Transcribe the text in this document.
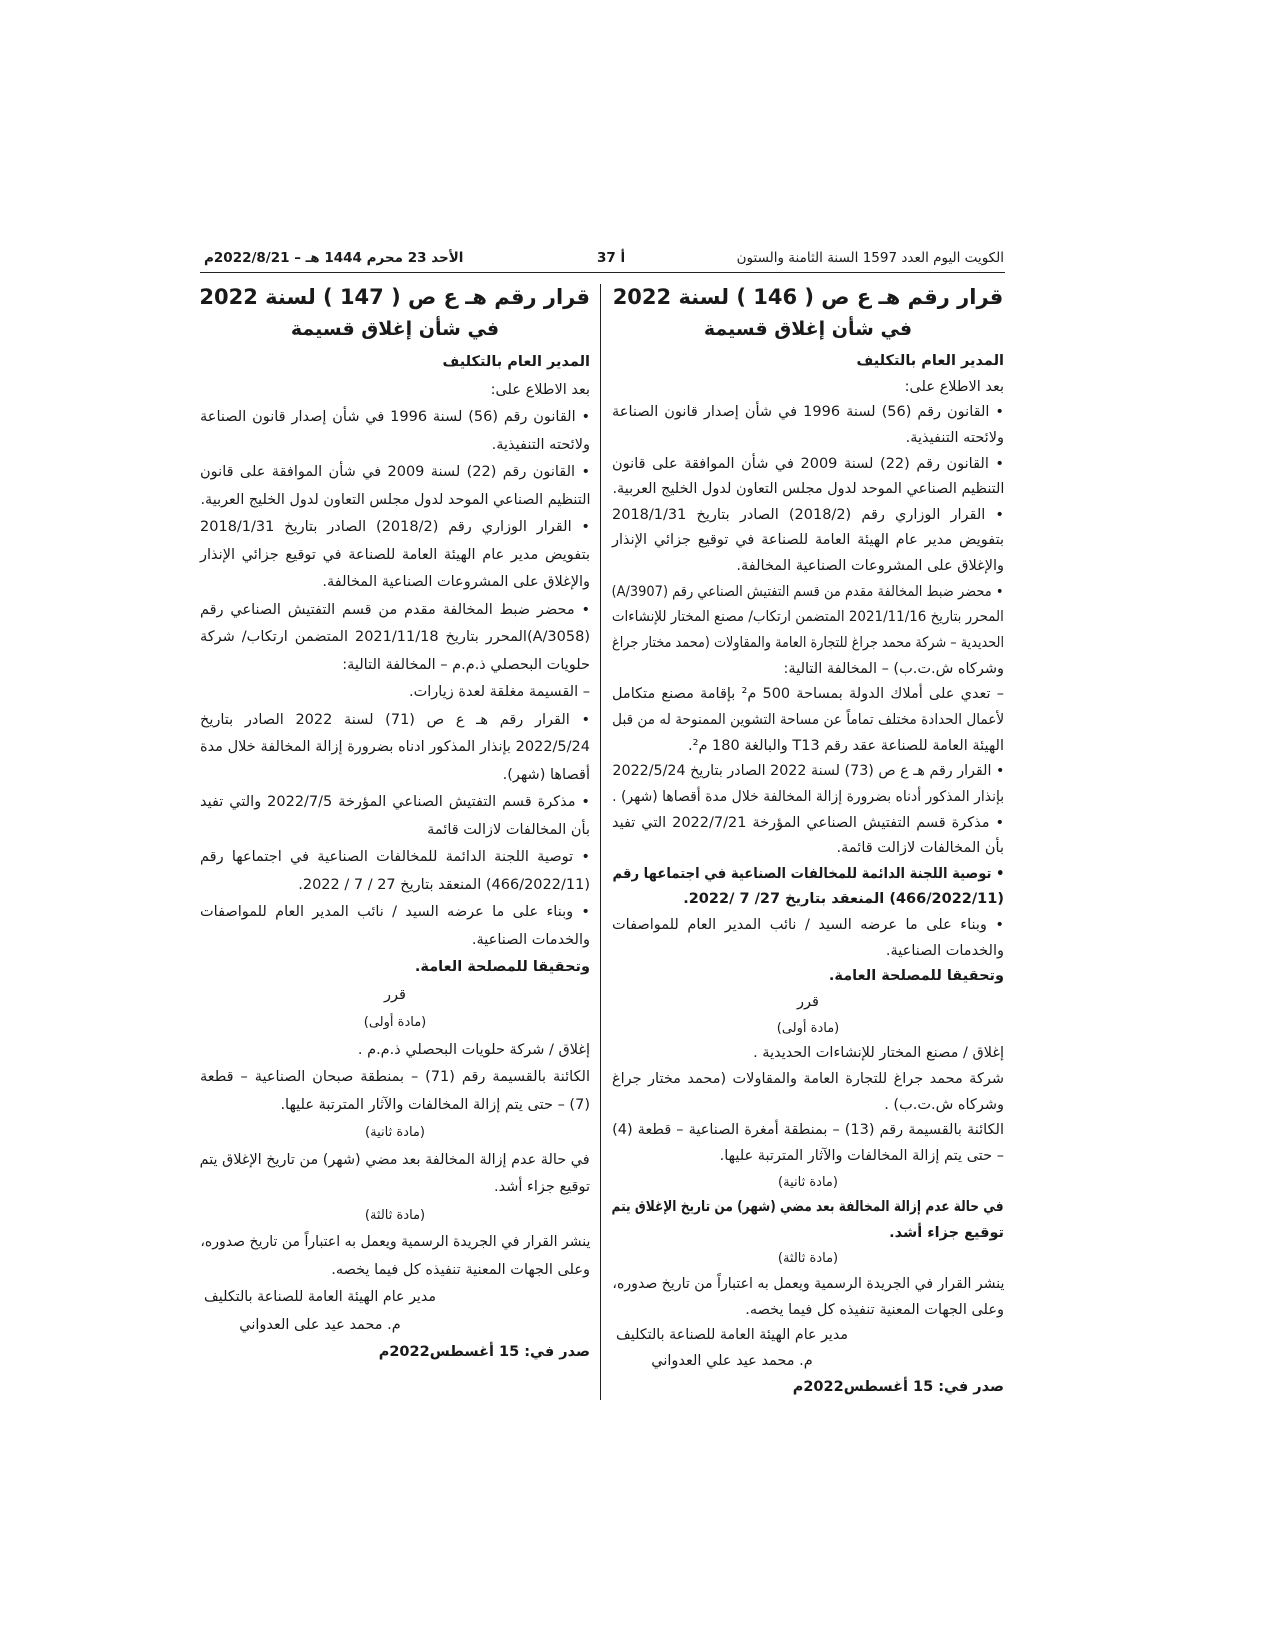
الكويت اليوم العدد 1597 السنة الثامنة والستون
أ 37
الأحد 23 محرم 1444 هـ – 2022/8/21م
قرار رقم هـ ع ص ( 146 ) لسنة 2022
في شأن إغلاق قسيمة
المدير العام بالتكليف
بعد الاطلاع على:
• القانون رقم (56) لسنة 1996 في شأن إصدار قانون الصناعة
ولائحته التنفيذية.
• القانون رقم (22) لسنة 2009 في شأن الموافقة على قانون
التنظيم الصناعي الموحد لدول مجلس التعاون لدول الخليج العربية.
• القرار الوزاري رقم (2018/2) الصادر بتاريخ 2018/1/31
بتفويض مدير عام الهيئة العامة للصناعة في توقيع جزائي الإنذار
والإغلاق على المشروعات الصناعية المخالفة.
• محضر ضبط المخالفة مقدم من قسم التفتيش الصناعي رقم (A/3907)
المحرر بتاريخ 2021/11/16 المتضمن ارتكاب/ مصنع المختار للإنشاءات
الحديدية – شركة محمد جراغ للتجارة العامة والمقاولات (محمد مختار جراغ
وشركاه ش.ت.ب) – المخالفة التالية:
– تعدي على أملاك الدولة بمساحة 500 م² بإقامة مصنع متكامل
لأعمال الحدادة مختلف تماماً عن مساحة التشوين الممنوحة له من قبل
الهيئة العامة للصناعة عقد رقم T13 والبالغة 180 م².
• القرار رقم هـ ع ص (73) لسنة 2022 الصادر بتاريخ 2022/5/24
بإنذار المذكور أدناه بضرورة إزالة المخالفة خلال مدة أقصاها (شهر) .
• مذكرة قسم التفتيش الصناعي المؤرخة 2022/7/21 التي تفيد
بأن المخالفات لازالت قائمة.
• توصية اللجنة الدائمة للمخالفات الصناعية في اجتماعها رقم
(466/2022/11) المنعقد بتاريخ 27/ 7 /2022.
• وبناء على ما عرضه السيد / نائب المدير العام للمواصفات
والخدمات الصناعية.
وتحقيقا للمصلحة العامة.
قرر
(مادة أولى)
إغلاق / مصنع المختار للإنشاءات الحديدية .
شركة محمد جراغ للتجارة العامة والمقاولات (محمد مختار جراغ
وشركاه ش.ت.ب) .
الكائنة بالقسيمة رقم (13) – بمنطقة أمغرة الصناعية – قطعة (4)
– حتى يتم إزالة المخالفات والآثار المترتبة عليها.
(مادة ثانية)
في حالة عدم إزالة المخالفة بعد مضي (شهر) من تاريخ الإغلاق يتم
توقيع جزاء أشد.
(مادة ثالثة)
ينشر القرار في الجريدة الرسمية ويعمل به اعتباراً من تاريخ صدوره،
وعلى الجهات المعنية تنفيذه كل فيما يخصه.
مدير عام الهيئة العامة للصناعة بالتكليف
م. محمد عيد علي العدواني
صدر في: 15 أغسطس2022م
قرار رقم هـ ع ص ( 147 ) لسنة 2022
في شأن إغلاق قسيمة
المدير العام بالتكليف
بعد الاطلاع على:
• القانون رقم (56) لسنة 1996 في شأن إصدار قانون الصناعة
ولائحته التنفيذية.
• القانون رقم (22) لسنة 2009 في شأن الموافقة على قانون
التنظيم الصناعي الموحد لدول مجلس التعاون لدول الخليج العربية.
• القرار الوزاري رقم (2018/2) الصادر بتاريخ 2018/1/31
بتفويض مدير عام الهيئة العامة للصناعة في توقيع جزائي الإنذار
والإغلاق على المشروعات الصناعية المخالفة.
• محضر ضبط المخالفة مقدم من قسم التفتيش الصناعي رقم
(A/3058)المحرر بتاريخ 2021/11/18 المتضمن ارتكاب/ شركة
حلويات البحصلي ذ.م.م – المخالفة التالية:
– القسيمة مغلقة لعدة زيارات.
• القرار رقم هـ ع ص (71) لسنة 2022 الصادر بتاريخ
2022/5/24 بإنذار المذكور ادناه بضرورة إزالة المخالفة خلال مدة
أقصاها (شهر).
• مذكرة قسم التفتيش الصناعي المؤرخة 2022/7/5 والتي تفيد
بأن المخالفات لازالت قائمة
• توصية اللجنة الدائمة للمخالفات الصناعية في اجتماعها رقم
(466/2022/11) المنعقد بتاريخ 27 / 7 / 2022.
• وبناء على ما عرضه السيد / نائب المدير العام للمواصفات
والخدمات الصناعية.
وتحقيقا للمصلحة العامة.
قرر
(مادة أولى)
إغلاق / شركة حلويات البحصلي ذ.م.م .
الكائنة بالقسيمة رقم (71) – بمنطقة صبحان الصناعية – قطعة
(7) – حتى يتم إزالة المخالفات والآثار المترتبة عليها.
(مادة ثانية)
في حالة عدم إزالة المخالفة بعد مضي (شهر) من تاريخ الإغلاق يتم
توقيع جزاء أشد.
(مادة ثالثة)
ينشر القرار في الجريدة الرسمية ويعمل به اعتباراً من تاريخ صدوره،
وعلى الجهات المعنية تنفيذه كل فيما يخصه.
مدير عام الهيئة العامة للصناعة بالتكليف
م. محمد عيد على العدواني
صدر في: 15 أغسطس2022م
